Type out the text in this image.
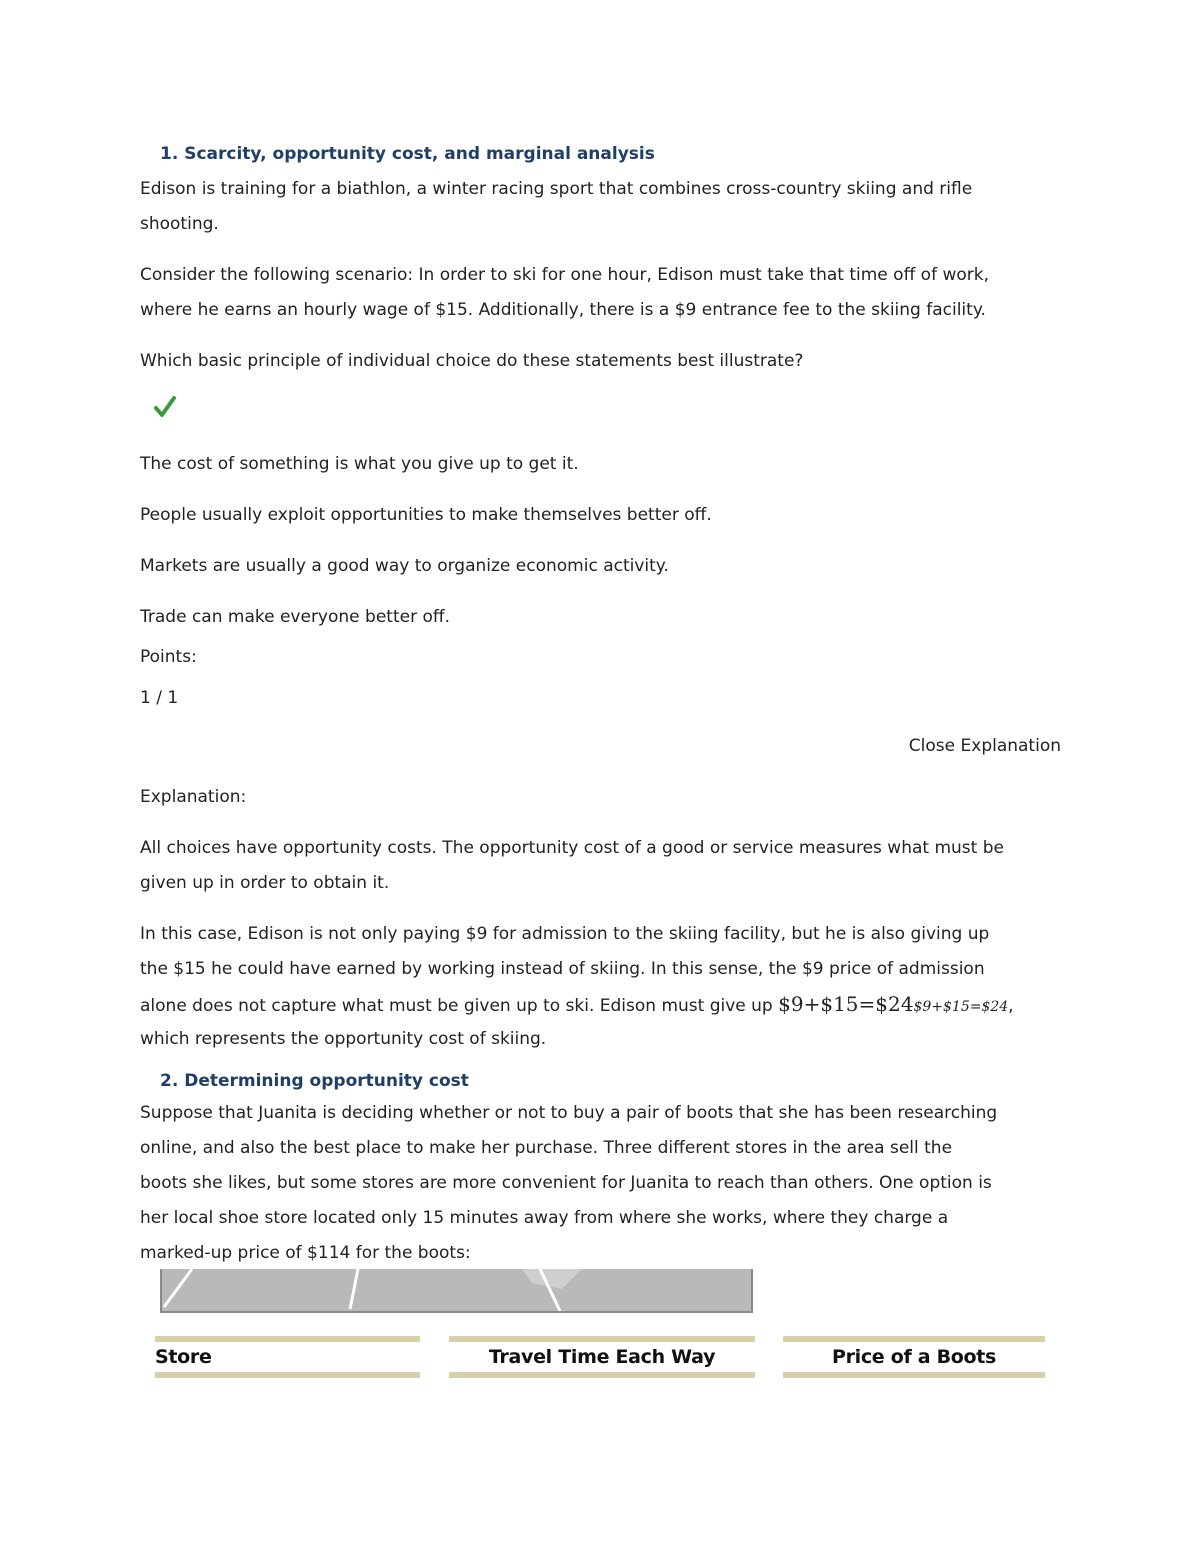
1. Scarcity, opportunity cost, and marginal analysis
Edison is training for a biathlon, a winter racing sport that combines cross-country skiing and rifle
shooting.
Consider the following scenario: In order to ski for one hour, Edison must take that time off of work,
where he earns an hourly wage of $15. Additionally, there is a $9 entrance fee to the skiing facility.
Which basic principle of individual choice do these statements best illustrate?
The cost of something is what you give up to get it.
People usually exploit opportunities to make themselves better off.
Markets are usually a good way to organize economic activity.
Trade can make everyone better off.
Points:
1 / 1
Close Explanation
Explanation:
All choices have opportunity costs. The opportunity cost of a good or service measures what must be
given up in order to obtain it.
In this case, Edison is not only paying $9 for admission to the skiing facility, but he is also giving up
the $15 he could have earned by working instead of skiing. In this sense, the $9 price of admission
alone does not capture what must be given up to ski. Edison must give up $9+$15=$24$9+$15=$24,
which represents the opportunity cost of skiing.
2. Determining opportunity cost
Suppose that Juanita is deciding whether or not to buy a pair of boots that she has been researching
online, and also the best place to make her purchase. Three different stores in the area sell the
boots she likes, but some stores are more convenient for Juanita to reach than others. One option is
her local shoe store located only 15 minutes away from where she works, where they charge a
marked-up price of $114 for the boots:
Store	Travel Time Each Way	Price of a Boots
